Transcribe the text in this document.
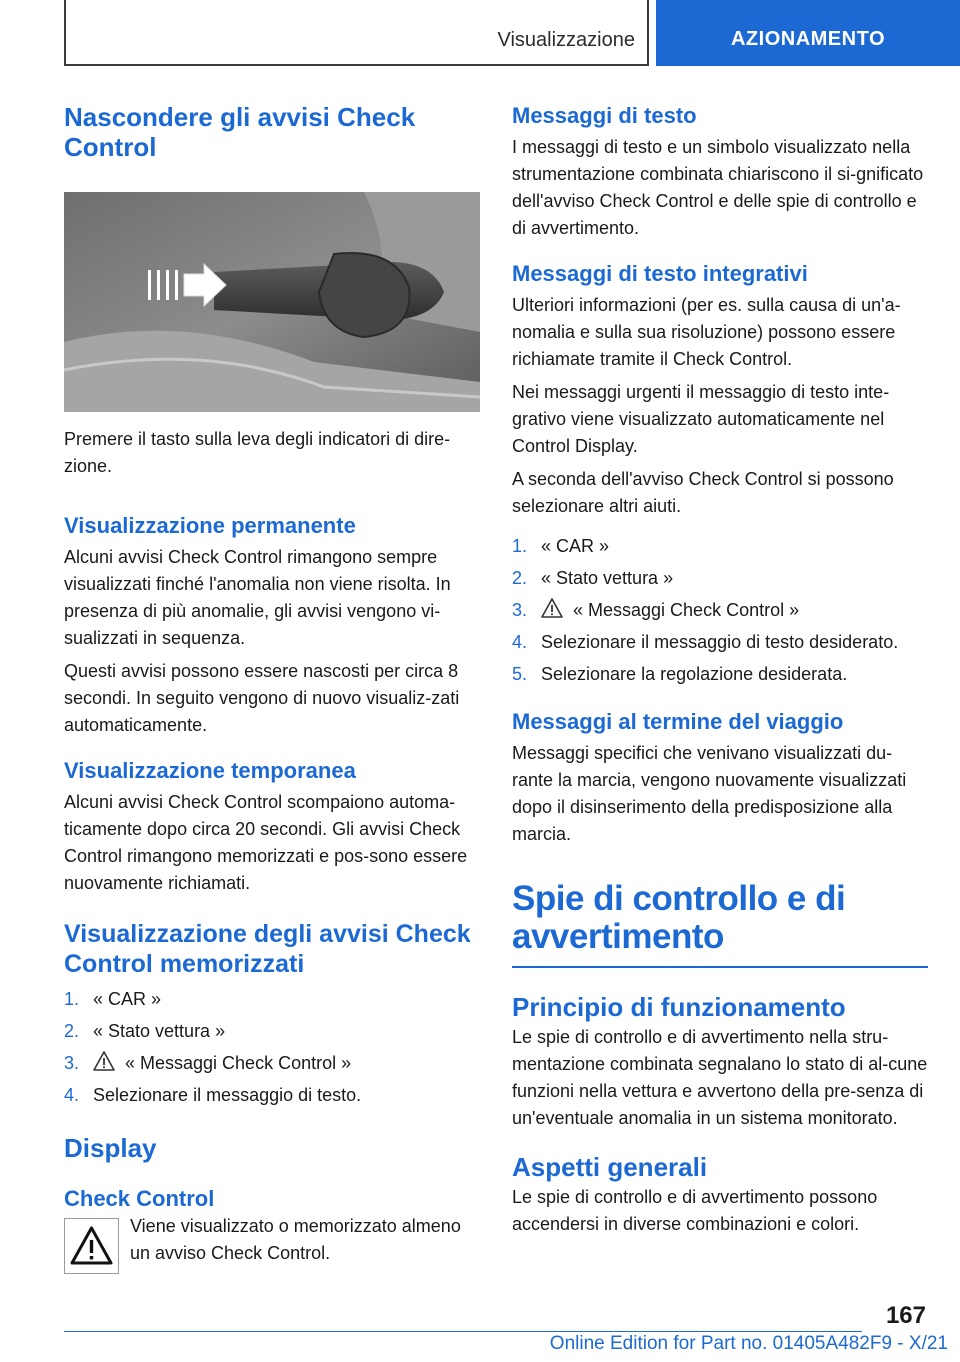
Visualizzazione	AZIONAMENTO
Nascondere gli avvisi Check Control

Premere il tasto sulla leva degli indicatori di dire-zione.

Visualizzazione permanente

Alcuni avvisi Check Control rimangono sempre visualizzati finché l'anomalia non viene risolta. In presenza di più anomalie, gli avvisi vengono vi-sualizzati in sequenza.

Questi avvisi possono essere nascosti per circa 8 secondi. In seguito vengono di nuovo visualiz-zati automaticamente.

Visualizzazione temporanea

Alcuni avvisi Check Control scompaiono automa-ticamente dopo circa 20 secondi. Gli avvisi Check Control rimangono memorizzati e pos-sono essere nuovamente richiamati.

Visualizzazione degli avvisi Check Control memorizzati
1. « CAR »
2. « Stato vettura »
3.	« Messaggi Check Control »
4. Selezionare il messaggio di testo.
Display
Check Control

Viene visualizzato o memorizzato almeno un avviso Check Control.

Messaggi di testo

I messaggi di testo e un simbolo visualizzato nella strumentazione combinata chiariscono il si-gnificato dell'avviso Check Control e delle spie di controllo e di avvertimento.

Messaggi di testo integrativi

Ulteriori informazioni (per es. sulla causa di un'a-nomalia e sulla sua risoluzione) possono essere richiamate tramite il Check Control.

Nei messaggi urgenti il messaggio di testo inte-grativo viene visualizzato automaticamente nel Control Display.

A seconda dell'avviso Check Control si possono selezionare altri aiuti.

1. « CAR »
2. « Stato vettura »
3.	« Messaggi Check Control »
4. Selezionare il messaggio di testo desiderato.
5. Selezionare la regolazione desiderata.
Messaggi al termine del viaggio

Messaggi specifici che venivano visualizzati du-rante la marcia, vengono nuovamente visualizzati dopo il disinserimento della predisposizione alla marcia.

Spie di controllo e di avvertimento
Principio di funzionamento

Le spie di controllo e di avvertimento nella stru-mentazione combinata segnalano lo stato di al-cune funzioni nella vettura e avvertono della pre-senza di un'eventuale anomalia in un sistema monitorato.

Aspetti generali

Le spie di controllo e di avvertimento possono accendersi in diverse combinazioni e colori.

167
Online Edition for Part no. 01405A482F9 - X/21
